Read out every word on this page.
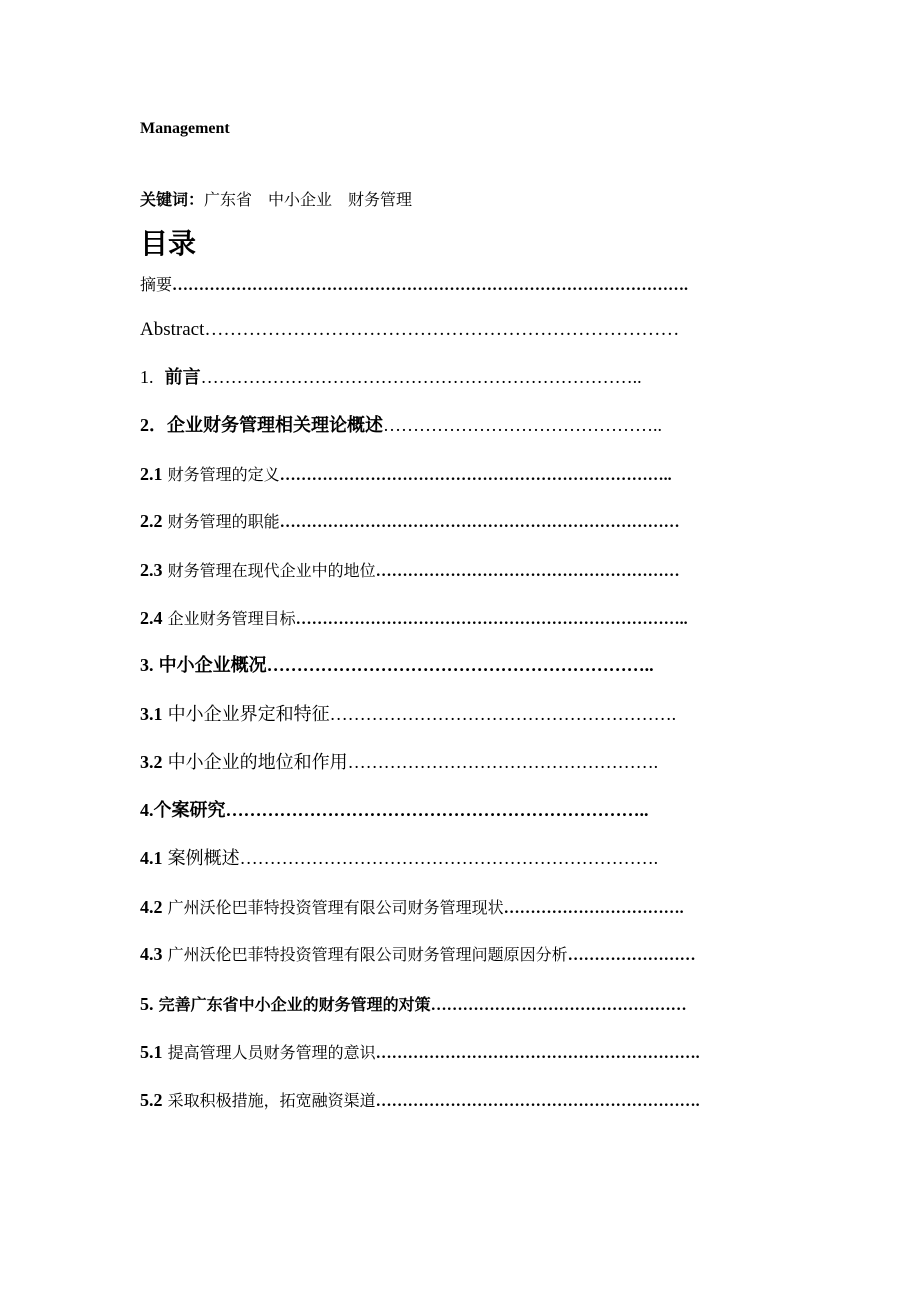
Management
关键词：广东省　中小企业　财务管理
目录
摘要…………………………………………………………………………………….
Abstract…………………………………………………………………
1. 前言………………………………………………………………..
2．企业财务管理相关理论概述………………………………………..
2.1 财务管理的定义………………………………………………………………..
2.2 财务管理的职能…………………………………………………………………
2.3 财务管理在现代企业中的地位…………………………………………………
2.4 企业财务管理目标………………………………………………………………..
3. 中小企业概况………………………………………………………..
3.1 中小企业界定和特征………………………………………………….
3.2 中小企业的地位和作用…………………………………………….
4.个案研究……………………………………………………………..
4.1 案例概述…………………………………………………………….
4.2 广州沃伦巴菲特投资管理有限公司财务管理现状…………………………….
4.3 广州沃伦巴菲特投资管理有限公司财务管理问题原因分析……………………
5. 完善广东省中小企业的财务管理的对策…………………………………………
5.1 提高管理人员财务管理的意识…………………………………………………….
5.2 采取积极措施，拓宽融资渠道…………………………………………………….
